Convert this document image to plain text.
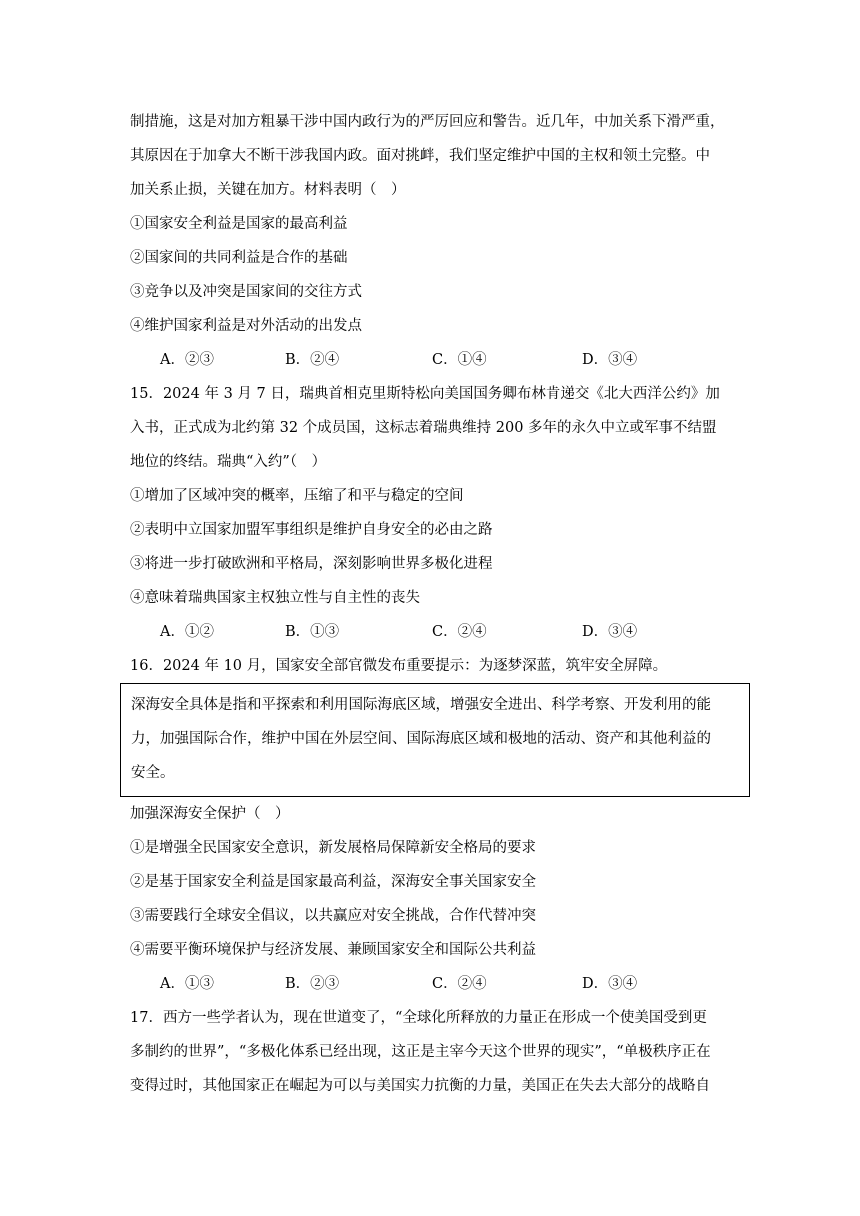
制措施，这是对加方粗暴干涉中国内政行为的严厉回应和警告。近几年，中加关系下滑严重，
其原因在于加拿大不断干涉我国内政。面对挑衅，我们坚定维护中国的主权和领土完整。中
加关系止损，关键在加方。材料表明（　）
①国家安全利益是国家的最高利益
②国家间的共同利益是合作的基础
③竞争以及冲突是国家间的交往方式
④维护国家利益是对外活动的出发点
A．②③	B．②④	C．①④	D．③④
15．2024 年 3 月 7 日，瑞典首相克里斯特松向美国国务卿布林肯递交《北大西洋公约》加
入书，正式成为北约第 32 个成员国，这标志着瑞典维持 200 多年的永久中立或军事不结盟
地位的终结。瑞典“入约”（　）
①增加了区域冲突的概率，压缩了和平与稳定的空间
②表明中立国家加盟军事组织是维护自身安全的必由之路
③将进一步打破欧洲和平格局，深刻影响世界多极化进程
④意味着瑞典国家主权独立性与自主性的丧失
A．①②	B．①③	C．②④	D．③④
16．2024 年 10 月，国家安全部官微发布重要提示：为逐梦深蓝，筑牢安全屏障。
深海安全具体是指和平探索和利用国际海底区域，增强安全进出、科学考察、开发利用的能
力，加强国际合作，维护中国在外层空间、国际海底区域和极地的活动、资产和其他利益的
安全。
加强深海安全保护（　）
①是增强全民国家安全意识，新发展格局保障新安全格局的要求
②是基于国家安全利益是国家最高利益，深海安全事关国家安全
③需要践行全球安全倡议，以共赢应对安全挑战，合作代替冲突
④需要平衡环境保护与经济发展、兼顾国家安全和国际公共利益
A．①③	B．②③	C．②④	D．③④
17．西方一些学者认为，现在世道变了，“全球化所释放的力量正在形成一个使美国受到更
多制约的世界”，“多极化体系已经出现，这正是主宰今天这个世界的现实”，“单极秩序正在
变得过时，其他国家正在崛起为可以与美国实力抗衡的力量，美国正在失去大部分的战略自
